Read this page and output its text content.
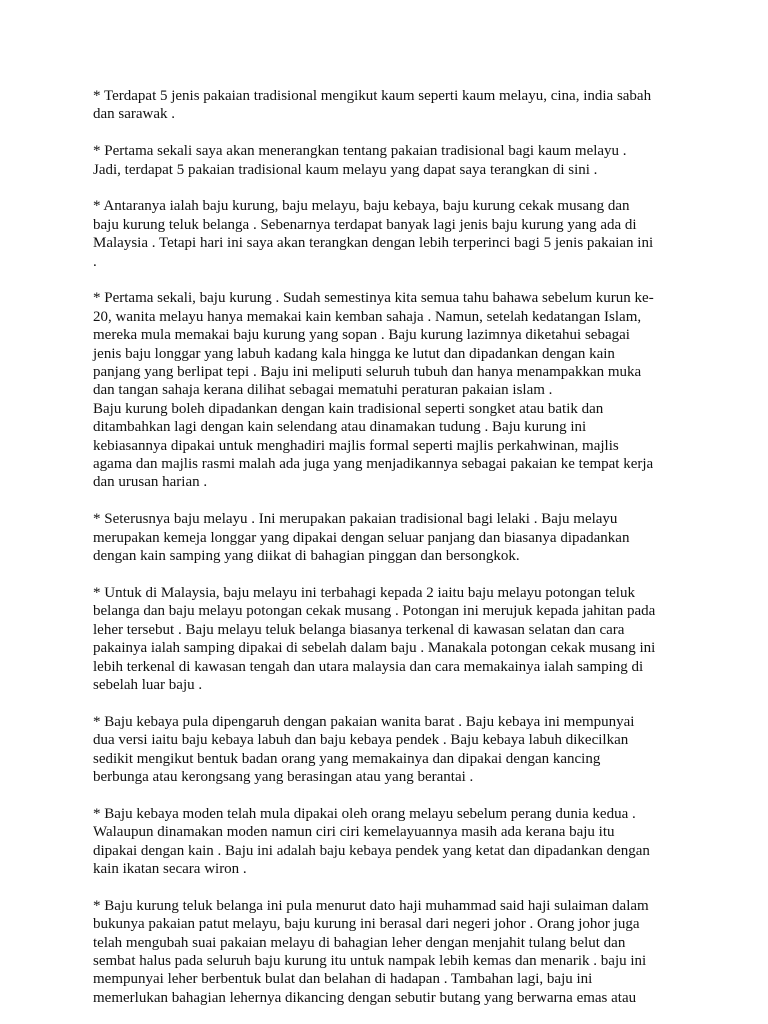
* Terdapat 5 jenis pakaian tradisional mengikut kaum seperti kaum melayu, cina, india sabah
dan sarawak .
* Pertama sekali saya akan menerangkan tentang pakaian tradisional bagi kaum melayu .
Jadi, terdapat 5 pakaian tradisional kaum melayu yang dapat saya terangkan di sini .
* Antaranya ialah baju kurung, baju melayu, baju kebaya, baju kurung cekak musang dan
baju kurung teluk belanga . Sebenarnya terdapat banyak lagi jenis baju kurung yang ada di
Malaysia . Tetapi hari ini saya akan terangkan dengan lebih terperinci bagi 5 jenis pakaian ini
.
* Pertama sekali, baju kurung . Sudah semestinya kita semua tahu bahawa sebelum kurun ke-
20, wanita melayu hanya memakai kain kemban sahaja . Namun, setelah kedatangan Islam,
mereka mula memakai baju kurung yang sopan . Baju kurung lazimnya diketahui sebagai
jenis baju longgar yang labuh kadang kala hingga ke lutut dan dipadankan dengan kain
panjang yang berlipat tepi . Baju ini meliputi seluruh tubuh dan hanya menampakkan muka
dan tangan sahaja kerana dilihat sebagai mematuhi peraturan pakaian islam .
Baju kurung boleh dipadankan dengan kain tradisional seperti songket atau batik dan
ditambahkan lagi dengan kain selendang atau dinamakan tudung . Baju kurung ini
kebiasannya dipakai untuk menghadiri majlis formal seperti majlis perkahwinan, majlis
agama dan majlis rasmi malah ada juga yang menjadikannya sebagai pakaian ke tempat kerja
dan urusan harian .
* Seterusnya baju melayu . Ini merupakan pakaian tradisional bagi lelaki . Baju melayu
merupakan kemeja longgar yang dipakai dengan seluar panjang dan biasanya dipadankan
dengan kain samping yang diikat di bahagian pinggan dan bersongkok.
* Untuk di Malaysia, baju melayu ini terbahagi kepada 2 iaitu baju melayu potongan teluk
belanga dan baju melayu potongan cekak musang . Potongan ini merujuk kepada jahitan pada
leher tersebut . Baju melayu teluk belanga biasanya terkenal di kawasan selatan dan cara
pakainya ialah samping dipakai di sebelah dalam baju . Manakala potongan cekak musang ini
lebih terkenal di kawasan tengah dan utara malaysia dan cara memakainya ialah samping di
sebelah luar baju .
* Baju kebaya pula dipengaruh dengan pakaian wanita barat . Baju kebaya ini mempunyai
dua versi iaitu baju kebaya labuh dan baju kebaya pendek . Baju kebaya labuh dikecilkan
sedikit mengikut bentuk badan orang yang memakainya dan dipakai dengan kancing
berbunga atau kerongsang yang berasingan atau yang berantai .
* Baju kebaya moden telah mula dipakai oleh orang melayu sebelum perang dunia kedua .
Walaupun dinamakan moden namun ciri ciri kemelayuannya masih ada kerana baju itu
dipakai dengan kain . Baju ini adalah baju kebaya pendek yang ketat dan dipadankan dengan
kain ikatan secara wiron .
* Baju kurung teluk belanga ini pula menurut dato haji muhammad said haji sulaiman dalam
bukunya pakaian patut melayu, baju kurung ini berasal dari negeri johor . Orang johor juga
telah mengubah suai pakaian melayu di bahagian leher dengan menjahit tulang belut dan
sembat halus pada seluruh baju kurung itu untuk nampak lebih kemas dan menarik . baju ini
mempunyai leher berbentuk bulat dan belahan di hadapan . Tambahan lagi, baju ini
memerlukan bahagian lehernya dikancing dengan sebutir butang yang berwarna emas atau
